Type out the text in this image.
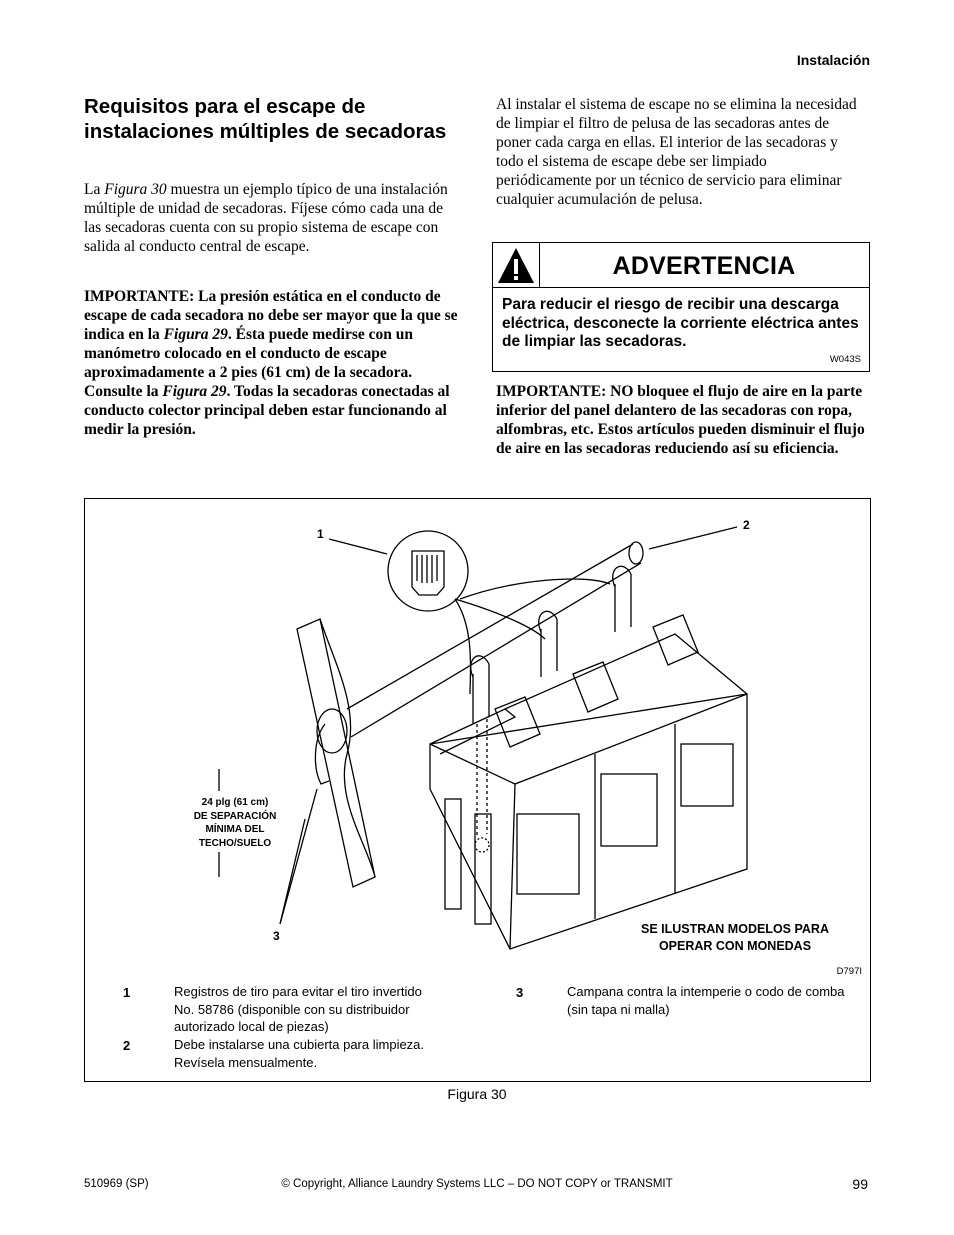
Instalación
Requisitos para el escape de instalaciones múltiples de secadoras
La Figura 30 muestra un ejemplo típico de una instalación múltiple de unidad de secadoras. Fíjese cómo cada una de las secadoras cuenta con su propio sistema de escape con salida al conducto central de escape.
IMPORTANTE: La presión estática en el conducto de escape de cada secadora no debe ser mayor que la que se indica en la Figura 29. Ésta puede medirse con un manómetro colocado en el conducto de escape aproximadamente a 2 pies (61 cm) de la secadora. Consulte la Figura 29. Todas la secadoras conectadas al conducto colector principal deben estar funcionando al medir la presión.
Al instalar el sistema de escape no se elimina la necesidad de limpiar el filtro de pelusa de las secadoras antes de poner cada carga en ellas. El interior de las secadoras y todo el sistema de escape debe ser limpiado periódicamente por un técnico de servicio para eliminar cualquier acumulación de pelusa.
ADVERTENCIA
Para reducir el riesgo de recibir una descarga eléctrica, desconecte la corriente eléctrica antes de limpiar las secadoras.
W043S
IMPORTANTE: NO bloquee el flujo de aire en la parte inferior del panel delantero de las secadoras con ropa, alfombras, etc. Estos artículos pueden disminuir el flujo de aire en las secadoras reduciendo así su eficiencia.
1
2
3
24 plg (61 cm)
DE SEPARACIÓN
MÍNIMA DEL
TECHO/SUELO
SE ILUSTRAN MODELOS PARA
OPERAR CON MONEDAS
D797I
1	Registros de tiro para evitar el tiro invertido
No. 58786 (disponible con su distribuidor
autorizado local de piezas)
2	Debe instalarse una cubierta para limpieza.
Revísela mensualmente.
3	Campana contra la intemperie o codo de comba
(sin tapa ni malla)
Figura 30
510969 (SP)	© Copyright, Alliance Laundry Systems LLC – DO NOT COPY or TRANSMIT	99
